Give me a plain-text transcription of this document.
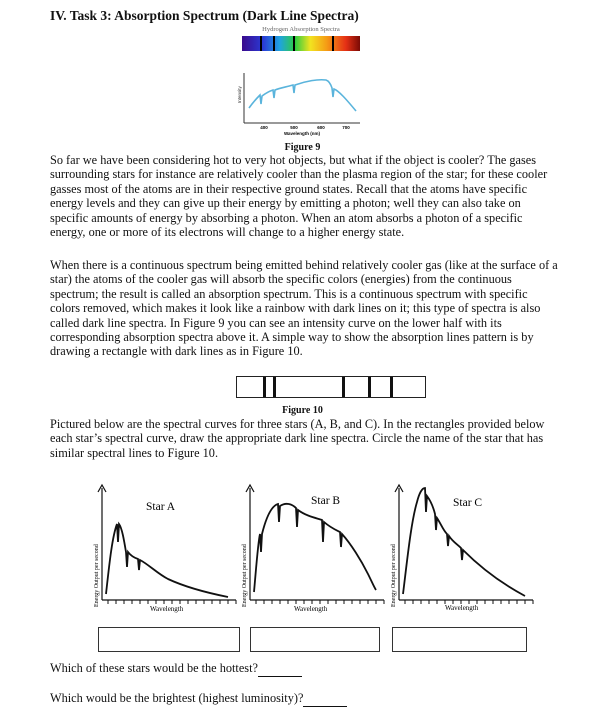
IV. Task 3: Absorption Spectrum (Dark Line Spectra)
Hydrogen Absorption Spectra
Intensity
400	500	600	700
Wavelength (nm)
Figure 9
So far we have been considering hot to very hot objects, but what if the object is cooler? The gases surrounding stars for instance are relatively cooler than the plasma region of the star; for these cooler gasses most of the atoms are in their respective ground states. Recall that the atoms have specific energy levels and they can give up their energy by emitting a photon; well they can also take on specific amounts of energy by absorbing a photon. When an atom absorbs a photon of a specific energy, one or more of its electrons will change to a higher energy state.
When there is a continuous spectrum being emitted behind relatively cooler gas (like at the surface of a star) the atoms of the cooler gas will absorb the specific colors (energies) from the continuous spectrum; the result is called an absorption spectrum. This is a continuous spectrum with specific colors removed, which makes it look like a rainbow with dark lines on it; this type of spectra is also called dark line spectra. In Figure 9 you can see an intensity curve on the lower half with its corresponding absorption spectra above it. A simple way to show the absorption lines pattern is by drawing a rectangle with dark lines as in Figure 10.
Figure 10
Pictured below are the spectral curves for three stars (A, B, and C). In the rectangles provided below each star’s spectral curve, draw the appropriate dark line spectra. Circle the name of the star that has similar spectral lines to Figure 10.
Energy Output per second
Star A
Wavelength
Energy Output per second
Star B
Wavelength
Energy Output per second
Star C
Wavelength
Which of these stars would be the hottest?
Which would be the brightest (highest luminosity)?
